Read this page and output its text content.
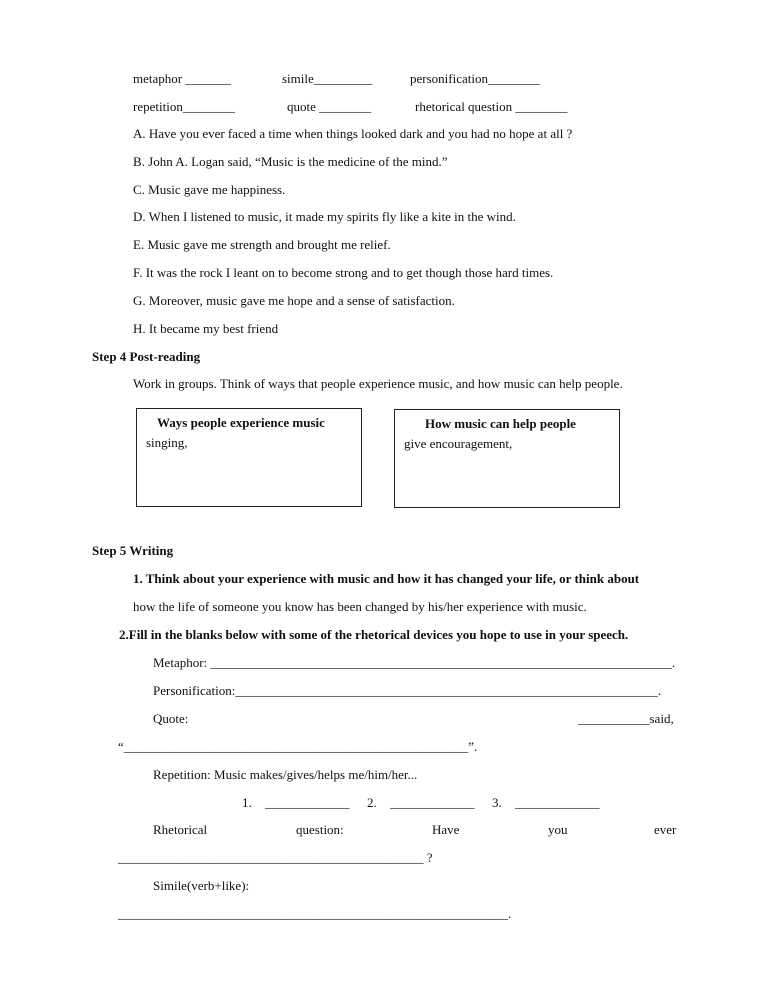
metaphor _______	simile_________	personification________
repetition________	quote ________	rhetorical question ________
A. Have you ever faced a time when things looked dark and you had no hope at all ?
B. John A. Logan said, “Music is the medicine of the mind.”
C. Music gave me happiness.
D. When I listened to music, it made my spirits fly like a kite in the wind.
E. Music gave me strength and brought me relief.
F. It was the rock I leant on to become strong and to get though those hard times.
G. Moreover, music gave me hope and a sense of satisfaction.
H. It became my best friend
Step 4 Post-reading
Work in groups. Think of ways that people experience music, and how music can help people.
Ways people experience music
singing,
How music can help people
give encouragement,
Step 5 Writing
1. Think about your experience with music and how it has changed your life, or think about
how the life of someone you know has been changed by his/her experience with music.
2.Fill in the blanks below with some of the rhetorical devices you hope to use in your speech.
Metaphor: _______________________________________________________________________.
Personification:_________________________________________________________________.
Quote:	___________said,
“_____________________________________________________”.
Repetition: Music makes/gives/helps me/him/her...
1. _____________ 2. _____________ 3. _____________
Rhetorical	question:	Have	you	ever
_______________________________________________ ?
Simile(verb+like):
____________________________________________________________.
